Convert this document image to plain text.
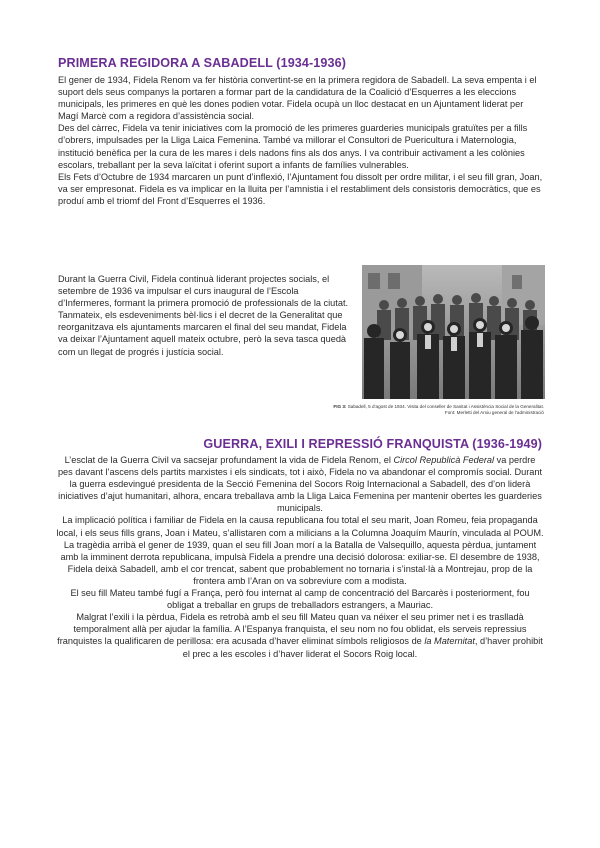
PRIMERA REGIDORA A SABADELL (1934-1936)

El gener de 1934, Fidela Renom va fer història convertint-se en la primera regidora de Sabadell. La seva empenta i el suport dels seus companys la portaren a formar part de la candidatura de la Coalició d’Esquerres a les eleccions municipals, les primeres en què les dones podien votar. Fidela ocupà un lloc destacat en un Ajuntament liderat per Magí Marcè com a regidora d’assistència social.

Des del càrrec, Fidela va tenir iniciatives com la promoció de les primeres guarderies municipals gratuïtes per a fills d’obrers, impulsades per la Lliga Laica Femenina. També va millorar el Consultori de Puericultura i Maternologia, institució benèfica per la cura de les mares i dels nadons fins als dos anys. I va contribuir activament a les colònies escolars, treballant per la seva laïcitat i oferint suport a infants de famílies vulnerables.

Els Fets d’Octubre de 1934 marcaren un punt d’inflexió, l’Ajuntament fou dissolt per ordre militar, i el seu fill gran, Joan, va ser empresonat. Fidela es va implicar en la lluita per l’amnistia i el restabliment dels consistoris democràtics, que es produí amb el triomf del Front d’Esquerres el 1936.

Durant la Guerra Civil, Fidela continuà liderant projectes socials, el setembre de 1936 va impulsar el curs inaugural de l’Escola d’Infermeres, formant la primera promoció de professionals de la ciutat. Tanmateix, els esdeveniments bèl·lics i el decret de la Generalitat que reorganitzava els ajuntaments marcaren el final del seu mandat, Fidela va deixar l’Ajuntament aquell mateix octubre, però la seva tasca quedà com un llegat de progrés i justícia social.
FIG 3: Sabadell, 5 d’agost de 1934. Visita del conseller de Sanitat i Assistència Social de la Generalitat.
Font: Merletti del Arxiu general de l’administració
GUERRA, EXILI I REPRESSIÓ FRANQUISTA (1936-1949)

L’esclat de la Guerra Civil va sacsejar profundament la vida de Fidela Renom, el Circol Republicà Federal va perdre pes davant l’ascens dels partits marxistes i els sindicats, tot i això, Fidela no va abandonar el compromís social. Durant la guerra esdevingué presidenta de la Secció Femenina del Socors Roig Internacional a Sabadell, des d’on liderà iniciatives d’ajut humanitari, alhora, encara treballava amb la Lliga Laica Femenina per mantenir obertes les guarderies municipals.

La implicació política i familiar de Fidela en la causa republicana fou total el seu marit, Joan Romeu, feia propaganda local, i els seus fills grans, Joan i Mateu, s’allistaren com a milicians a la Columna Joaquím Maurín, vinculada al POUM. La tragèdia arribà el gener de 1939, quan el seu fill Joan morí a la Batalla de Valsequillo, aquesta pèrdua, juntament amb la imminent derrota republicana, impulsà Fidela a prendre una decisió dolorosa: exiliar-se. El desembre de 1938, Fidela deixà Sabadell, amb el cor trencat, sabent que probablement no tornaria i s’instal·là a Montrejau, prop de la frontera amb l’Aran on va sobreviure com a modista.

El seu fill Mateu també fugí a França, però fou internat al camp de concentració del Barcarès i posteriorment, fou obligat a treballar en grups de treballadors estrangers, a Mauriac.

Malgrat l’exili i la pèrdua, Fidela es retrobà amb el seu fill Mateu quan va néixer el seu primer net i es traslladà temporalment allà per ajudar la família. A l’Espanya franquista, el seu nom no fou oblidat, els serveis repressius franquistes la qualificaren de perillosa: era acusada d’haver eliminat símbols religiosos de la Maternitat, d’haver prohibit el prec a les escoles i d’haver liderat el Socors Roig local.
